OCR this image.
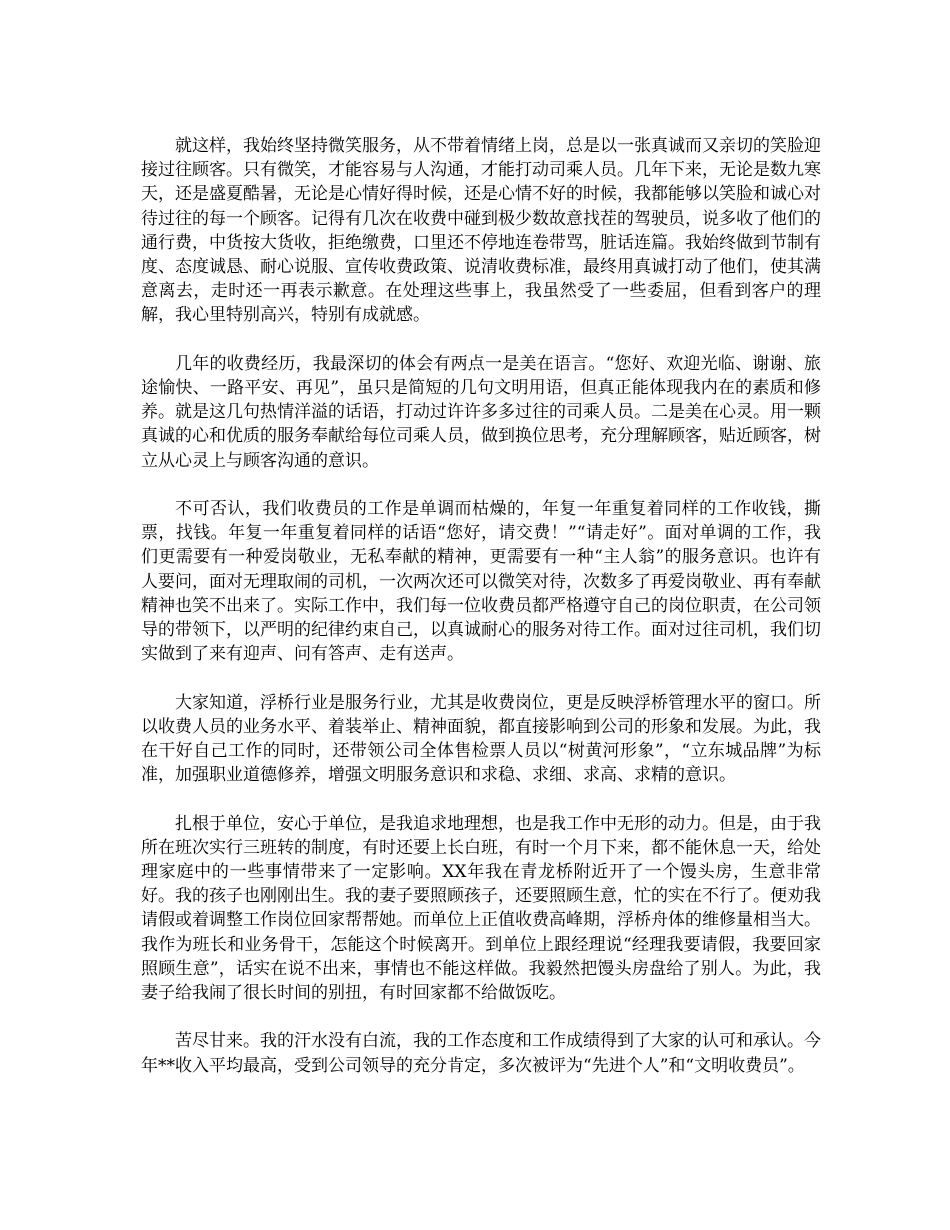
就这样，我始终坚持微笑服务，从不带着情绪上岗，总是以一张真诚而又亲切的笑脸迎接过往顾客。只有微笑，才能容易与人沟通，才能打动司乘人员。几年下来，无论是数九寒天，还是盛夏酷暑，无论是心情好得时候，还是心情不好的时候，我都能够以笑脸和诚心对待过往的每一个顾客。记得有几次在收费中碰到极少数故意找茬的驾驶员，说多收了他们的通行费，中货按大货收，拒绝缴费，口里还不停地连卷带骂，脏话连篇。我始终做到节制有度、态度诚恳、耐心说服、宣传收费政策、说清收费标准，最终用真诚打动了他们，使其满意离去，走时还一再表示歉意。在处理这些事上，我虽然受了一些委屈，但看到客户的理解，我心里特别高兴，特别有成就感。

几年的收费经历，我最深切的体会有两点一是美在语言。“您好、欢迎光临、谢谢、旅途愉快、一路平安、再见”，虽只是简短的几句文明用语，但真正能体现我内在的素质和修养。就是这几句热情洋溢的话语，打动过许许多多过往的司乘人员。二是美在心灵。用一颗真诚的心和优质的服务奉献给每位司乘人员，做到换位思考，充分理解顾客，贴近顾客，树立从心灵上与顾客沟通的意识。

不可否认，我们收费员的工作是单调而枯燥的，年复一年重复着同样的工作收钱，撕票，找钱。年复一年重复着同样的话语“您好，请交费！”“请走好”。面对单调的工作，我们更需要有一种爱岗敬业，无私奉献的精神，更需要有一种“主人翁”的服务意识。也许有人要问，面对无理取闹的司机，一次两次还可以微笑对待，次数多了再爱岗敬业、再有奉献精神也笑不出来了。实际工作中，我们每一位收费员都严格遵守自己的岗位职责，在公司领导的带领下，以严明的纪律约束自己，以真诚耐心的服务对待工作。面对过往司机，我们切实做到了来有迎声、问有答声、走有送声。

大家知道，浮桥行业是服务行业，尤其是收费岗位，更是反映浮桥管理水平的窗口。所以收费人员的业务水平、着装举止、精神面貌，都直接影响到公司的形象和发展。为此，我在干好自己工作的同时，还带领公司全体售检票人员以“树黄河形象”，“立东城品牌”为标准，加强职业道德修养，增强文明服务意识和求稳、求细、求高、求精的意识。

扎根于单位，安心于单位，是我追求地理想，也是我工作中无形的动力。但是，由于我所在班次实行三班转的制度，有时还要上长白班，有时一个月下来，都不能休息一天，给处理家庭中的一些事情带来了一定影响。XX年我在青龙桥附近开了一个馒头房，生意非常好。我的孩子也刚刚出生。我的妻子要照顾孩子，还要照顾生意，忙的实在不行了。便劝我请假或着调整工作岗位回家帮帮她。而单位上正值收费高峰期，浮桥舟体的维修量相当大。我作为班长和业务骨干，怎能这个时候离开。到单位上跟经理说“经理我要请假，我要回家照顾生意”，话实在说不出来，事情也不能这样做。我毅然把馒头房盘给了别人。为此，我妻子给我闹了很长时间的别扭，有时回家都不给做饭吃。

苦尽甘来。我的汗水没有白流，我的工作态度和工作成绩得到了大家的认可和承认。今年**收入平均最高，受到公司领导的充分肯定，多次被评为“先进个人”和“文明收费员”。
